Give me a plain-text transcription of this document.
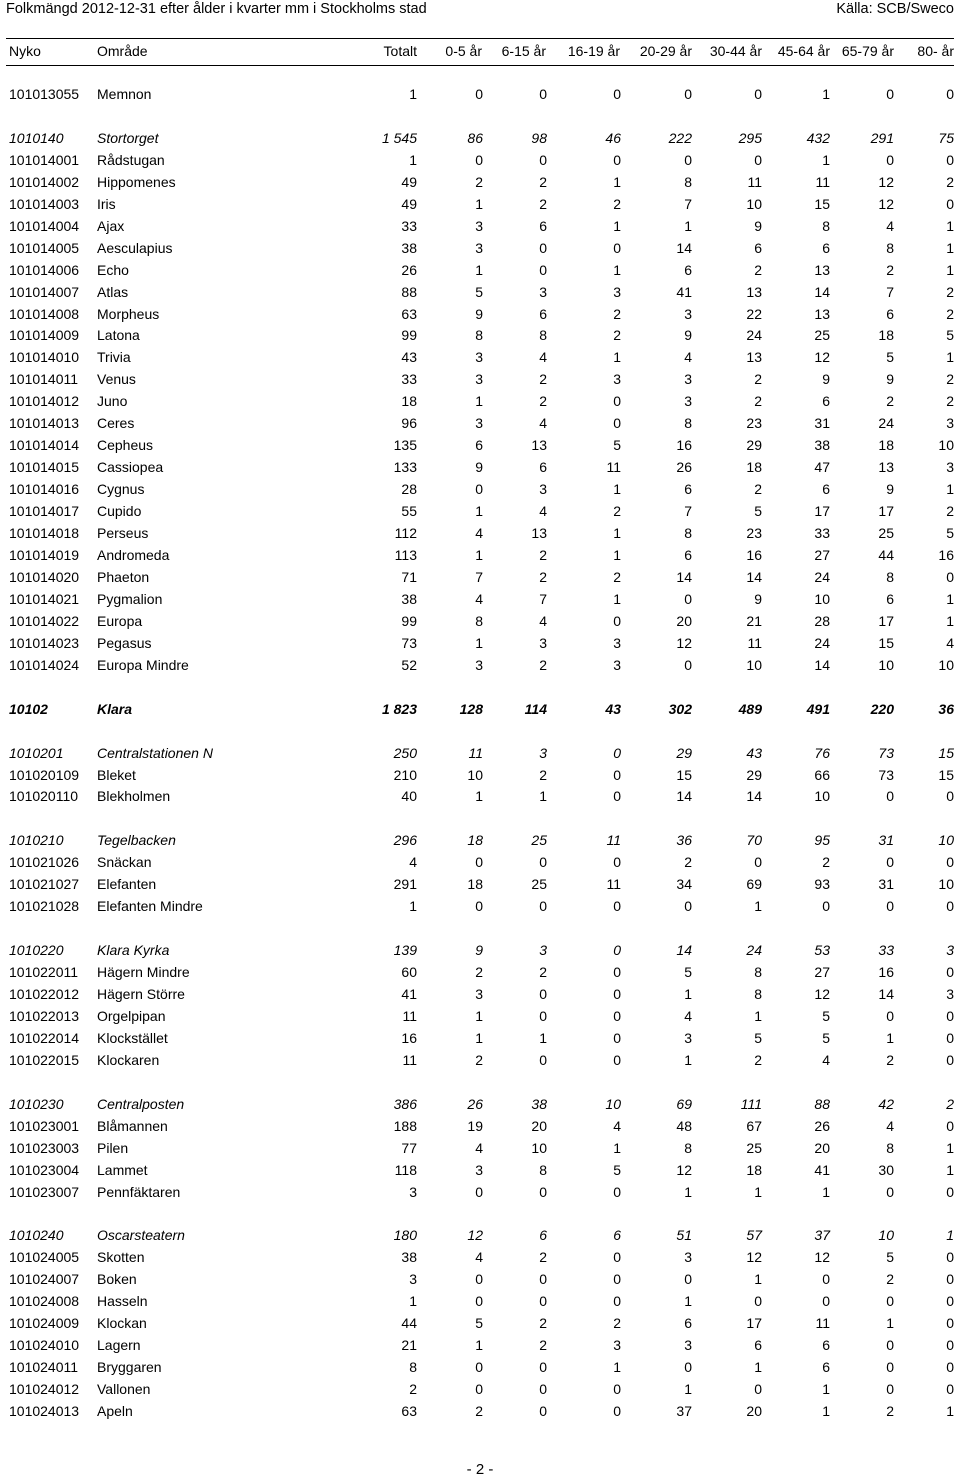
Folkmängd 2012-12-31 efter ålder i kvarter mm i Stockholms stad	Källa: SCB/Sweco
Nyko	Område	Totalt 0-5 år 6-15 år 16-19 år 20-29 år 30-44 år 45-64 år 65-79 år 80- år
101013055 Memnon	1	0	0	0	0	0	1	0	0
1010140 Stortorget	1 545	86	98	46	222	295	432	291	75
101014001 Rådstugan	1	0	0	0	0	0	1	0	0
101014002 Hippomenes	49	2	2	1	8	11	11	12	2
101014003 Iris	49	1	2	2	7	10	15	12	0
101014004 Ajax	33	3	6	1	1	9	8	4	1
101014005 Aesculapius	38	3	0	0	14	6	6	8	1
101014006 Echo	26	1	0	1	6	2	13	2	1
101014007 Atlas	88	5	3	3	41	13	14	7	2
101014008 Morpheus	63	9	6	2	3	22	13	6	2
101014009 Latona	99	8	8	2	9	24	25	18	5
101014010 Trivia	43	3	4	1	4	13	12	5	1
101014011 Venus	33	3	2	3	3	2	9	9	2
101014012 Juno	18	1	2	0	3	2	6	2	2
101014013 Ceres	96	3	4	0	8	23	31	24	3
101014014 Cepheus	135	6	13	5	16	29	38	18	10
101014015 Cassiopea	133	9	6	11	26	18	47	13	3
101014016 Cygnus	28	0	3	1	6	2	6	9	1
101014017 Cupido	55	1	4	2	7	5	17	17	2
101014018 Perseus	112	4	13	1	8	23	33	25	5
101014019 Andromeda	113	1	2	1	6	16	27	44	16
101014020 Phaeton	71	7	2	2	14	14	24	8	0
101014021 Pygmalion	38	4	7	1	0	9	10	6	1
101014022 Europa	99	8	4	0	20	21	28	17	1
101014023 Pegasus	73	1	3	3	12	11	24	15	4
101014024 Europa Mindre	52	3	2	3	0	10	14	10	10
10102	Klara	1 823	128	114	43	302	489	491	220	36
1010201 Centralstationen N	250	11	3	0	29	43	76	73	15
101020109 Bleket	210	10	2	0	15	29	66	73	15
101020110 Blekholmen	40	1	1	0	14	14	10	0	0
1010210 Tegelbacken	296	18	25	11	36	70	95	31	10
101021026 Snäckan	4	0	0	0	2	0	2	0	0
101021027 Elefanten	291	18	25	11	34	69	93	31	10
101021028 Elefanten Mindre	1	0	0	0	0	1	0	0	0
1010220 Klara Kyrka	139	9	3	0	14	24	53	33	3
101022011 Hägern Mindre	60	2	2	0	5	8	27	16	0
101022012 Hägern Större	41	3	0	0	1	8	12	14	3
101022013 Orgelpipan	11	1	0	0	4	1	5	0	0
101022014 Klockstället	16	1	1	0	3	5	5	1	0
101022015 Klockaren	11	2	0	0	1	2	4	2	0
1010230 Centralposten	386	26	38	10	69	111	88	42	2
101023001 Blåmannen	188	19	20	4	48	67	26	4	0
101023003 Pilen	77	4	10	1	8	25	20	8	1
101023004 Lammet	118	3	8	5	12	18	41	30	1
101023007 Pennfäktaren	3	0	0	0	1	1	1	0	0
1010240 Oscarsteatern	180	12	6	6	51	57	37	10	1
101024005 Skotten	38	4	2	0	3	12	12	5	0
101024007 Boken	3	0	0	0	0	1	0	2	0
101024008 Hasseln	1	0	0	0	1	0	0	0	0
101024009 Klockan	44	5	2	2	6	17	11	1	0
101024010 Lagern	21	1	2	3	3	6	6	0	0
101024011 Bryggaren	8	0	0	1	0	1	6	0	0
101024012 Vallonen	2	0	0	0	1	0	1	0	0
101024013 Apeln	63	2	0	0	37	20	1	2	1
- 2 -
